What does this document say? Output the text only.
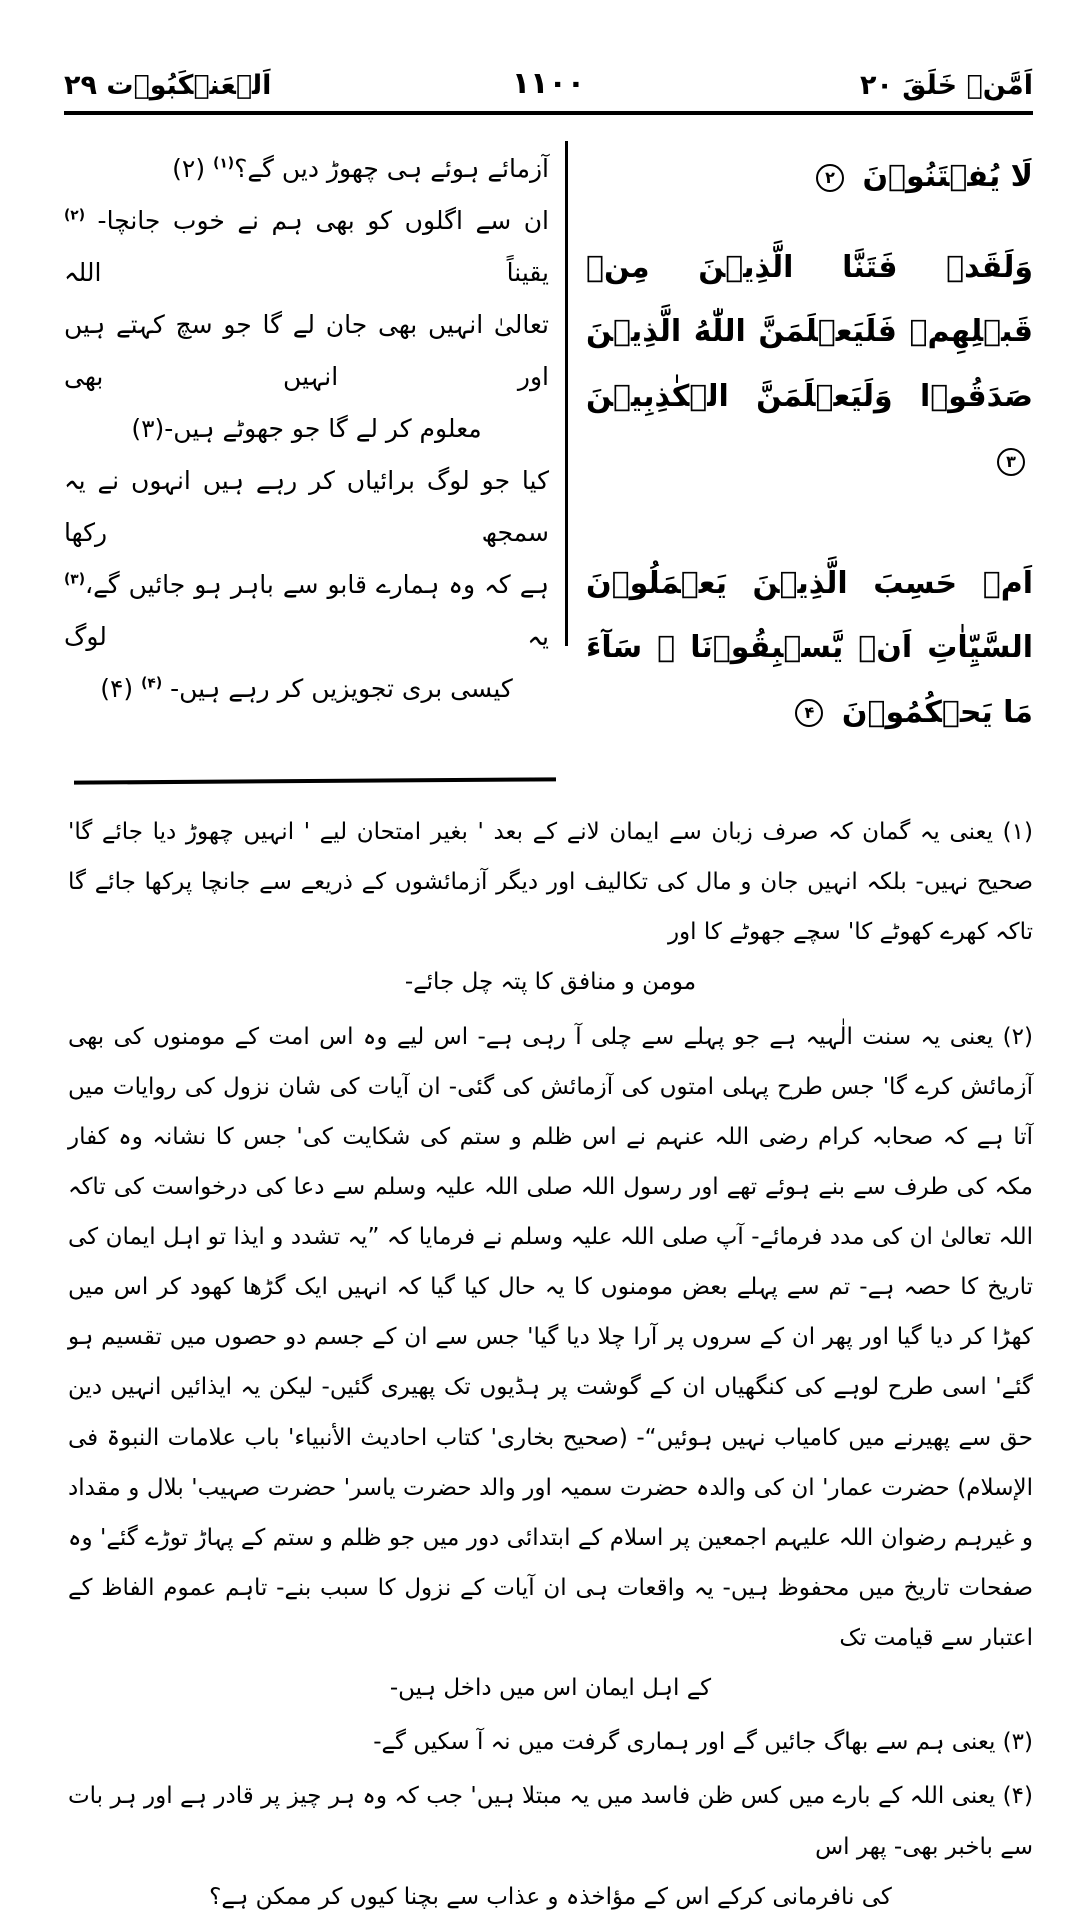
اَلۡعَنۡكَبُوۡت ۲۹	۱۱۰۰	اَمَّنۡ خَلَقَ ۲۰
لَا يُفۡتَنُوۡنَ ۲
وَلَقَدۡ فَتَنَّا الَّذِيۡنَ مِنۡ قَبۡلِهِمۡ فَلَيَعۡلَمَنَّ اللّٰهُ الَّذِيۡنَ صَدَقُوۡا وَلَيَعۡلَمَنَّ الۡكٰذِبِيۡنَ ۳
اَمۡ حَسِبَ الَّذِيۡنَ يَعۡمَلُوۡنَ السَّيِّاٰتِ اَنۡ يَّسۡبِقُوۡنَا ۚ سَآءَ مَا يَحۡكُمُوۡنَ ۴
آزمائے ہوئے ہی چھوڑ دیں گے؟$^{(۱)}$ (۲)
ان سے اگلوں کو بھی ہم نے خوب جانچا- $^{(۲)}$ یقیناً اللہ
تعالیٰ انہیں بھی جان لے گا جو سچ کہتے ہیں اور انہیں بھی
معلوم کر لے گا جو جھوٹے ہیں-(۳)
کیا جو لوگ برائیاں کر رہے ہیں انہوں نے یہ سمجھ رکھا
ہے کہ وہ ہمارے قابو سے باہر ہو جائیں گے،$^{(۳)}$ یہ لوگ
کیسی بری تجویزیں کر رہے ہیں- $^{(۴)}$ (۴)
(۱) یعنی یہ گمان کہ صرف زبان سے ایمان لانے کے بعد ' بغیر امتحان لیے ' انہیں چھوڑ دیا جائے گا' صحیح نہیں- بلکہ انہیں جان و مال کی تکالیف اور دیگر آزمائشوں کے ذریعے سے جانچا پرکھا جائے گا تاکہ کھرے کھوٹے کا' سچے جھوٹے کا اور
مومن و منافق کا پتہ چل جائے-
(۲) یعنی یہ سنت الٰہیہ ہے جو پہلے سے چلی آ رہی ہے- اس لیے وہ اس امت کے مومنوں کی بھی آزمائش کرے گا' جس طرح پہلی امتوں کی آزمائش کی گئی- ان آیات کی شان نزول کی روایات میں آتا ہے کہ صحابہ کرام رضی اللہ عنہم نے اس ظلم و ستم کی شکایت کی' جس کا نشانہ وہ کفار مکہ کی طرف سے بنے ہوئے تھے اور رسول اللہ صلی اللہ علیہ وسلم سے دعا کی درخواست کی تاکہ اللہ تعالیٰ ان کی مدد فرمائے- آپ صلی اللہ علیہ وسلم نے فرمایا کہ ”یہ تشدد و ایذا تو اہل ایمان کی تاریخ کا حصہ ہے- تم سے پہلے بعض مومنوں کا یہ حال کیا گیا کہ انہیں ایک گڑھا کھود کر اس میں کھڑا کر دیا گیا اور پھر ان کے سروں پر آرا چلا دیا گیا' جس سے ان کے جسم دو حصوں میں تقسیم ہو گئے' اسی طرح لوہے کی کنگھیاں ان کے گوشت پر ہڈیوں تک پھیری گئیں- لیکن یہ ایذائیں انہیں دین حق سے پھیرنے میں کامیاب نہیں ہوئیں“- (صحیح بخاری' کتاب احادیث الأنبیاء' باب علامات النبوۃ فی الإسلام) حضرت عمار' ان کی والدہ حضرت سمیہ اور والد حضرت یاسر' حضرت صہیب' بلال و مقداد و غیرہم رضوان اللہ علیہم اجمعین پر اسلام کے ابتدائی دور میں جو ظلم و ستم کے پہاڑ توڑے گئے' وہ صفحات تاریخ میں محفوظ ہیں- یہ واقعات ہی ان آیات کے نزول کا سبب بنے- تاہم عموم الفاظ کے اعتبار سے قیامت تک
کے اہل ایمان اس میں داخل ہیں-
(۳) یعنی ہم سے بھاگ جائیں گے اور ہماری گرفت میں نہ آ سکیں گے-
(۴) یعنی اللہ کے بارے میں کس ظن فاسد میں یہ مبتلا ہیں' جب کہ وہ ہر چیز پر قادر ہے اور ہر بات سے باخبر بھی- پھر اس
کی نافرمانی کرکے اس کے مؤاخذہ و عذاب سے بچنا کیوں کر ممکن ہے؟
